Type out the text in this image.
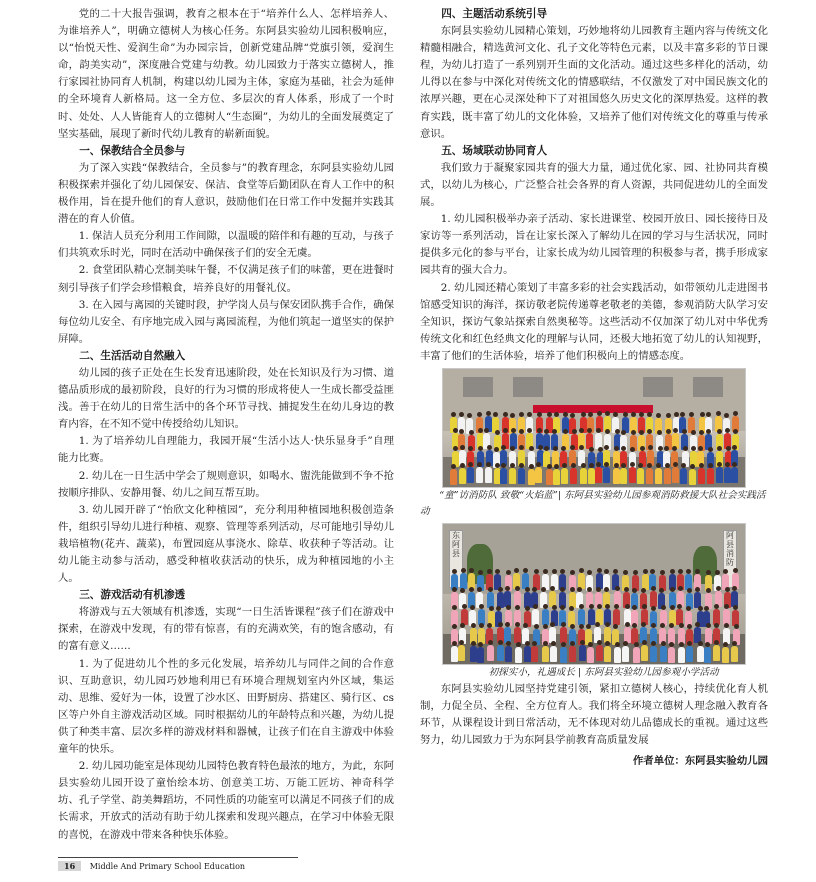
党的二十大报告强调，教育之根本在于“培养什么人、怎样培养人、为谁培养人”，明确立德树人为核心任务。东阿县实验幼儿园积极响应，以“怡悦天性、爱润生命”为办园宗旨，创新党建品牌“党旗引领，爱润生命，韵美实动”，深度融合党建与幼教。幼儿园致力于落实立德树人，推行家园社协同育人机制，构建以幼儿园为主体，家庭为基础，社会为延伸的全环境育人新格局。这一全方位、多层次的育人体系，形成了一个时时、处处、人人皆能育人的立德树人“生态圈”，为幼儿的全面发展奠定了坚实基础，展现了新时代幼儿教育的崭新面貌。

一、保教结合全员参与

为了深入实践“保教结合，全员参与”的教育理念，东阿县实验幼儿园积极探索并强化了幼儿园保安、保洁、食堂等后勤团队在育人工作中的积极作用，旨在提升他们的育人意识，鼓励他们在日常工作中发掘并实践其潜在的育人价值。

1. 保洁人员充分利用工作间隙，以温暖的陪伴和有趣的互动，与孩子们共筑欢乐时光，同时在活动中确保孩子们的安全无虞。

2. 食堂团队精心烹制美味午餐，不仅满足孩子们的味蕾，更在进餐时刻引导孩子们学会珍惜粮食，培养良好的用餐礼仪。

3. 在入园与离园的关键时段，护学岗人员与保安团队携手合作，确保每位幼儿安全、有序地完成入园与离园流程，为他们筑起一道坚实的保护屏障。

二、生活活动自然融入

幼儿园的孩子正处在生长发育迅速阶段，处在长知识及行为习惯、道德品质形成的最初阶段，良好的行为习惯的形成将使人一生成长都受益匪浅。善于在幼儿的日常生活中的各个环节寻找、捕捉发生在幼儿身边的教育内容，在不知不觉中传授给幼儿知识。

1. 为了培养幼儿自理能力，我园开展“生活小达人·快乐显身手”自理能力比赛。

2. 幼儿在一日生活中学会了规则意识，如喝水、盥洗能做到不争不抢按顺序排队、安静用餐、幼儿之间互帮互助。

3. 幼儿园开辟了“怡欣文化种植园”，充分利用种植园地积极创造条件，组织引导幼儿进行种植、观察、管理等系列活动，尽可能地引导幼儿栽培植物(花卉、蔬菜)，布置园庭从事浇水、除草、收获种子等活动。让幼儿能主动参与活动，感受种植收获活动的快乐，成为种植园地的小主人。

三、游戏活动有机渗透

将游戏与五大领域有机渗透，实现“一日生活皆课程”孩子们在游戏中探索，在游戏中发现，有的带有惊喜，有的充满欢笑，有的饱含感动，有的富有意义……

1. 为了促进幼儿个性的多元化发展，培养幼儿与同伴之间的合作意识、互助意识，幼儿园巧妙地利用已有环境合理规划室内外区域，集运动、思维、爱好为一体，设置了沙水区、田野厨房、搭建区、骑行区、cs区等户外自主游戏活动区域。同时根据幼儿的年龄特点和兴趣，为幼儿提供了种类丰富、层次多样的游戏材料和器械，让孩子们在自主游戏中体验童年的快乐。

2. 幼儿园功能室是体现幼儿园特色教育特色最浓的地方，为此，东阿县实验幼儿园开设了童怡绘本坊、创意美工坊、万能工匠坊、神奇科学坊、孔子学堂、韵美舞蹈坊，不同性质的功能室可以满足不同孩子们的成长需求，开放式的活动有助于幼儿探索和发现兴趣点，在学习中体验无限的喜悦，在游戏中带来各种快乐体验。

四、主题活动系统引导

东阿县实验幼儿园精心策划，巧妙地将幼儿园教育主题内容与传统文化精髓相融合，精选黄河文化、孔子文化等特色元素，以及丰富多彩的节日课程，为幼儿打造了一系列别开生面的文化活动。通过这些多样化的活动，幼儿得以在参与中深化对传统文化的情感联结，不仅激发了对中国民族文化的浓厚兴趣，更在心灵深处种下了对祖国悠久历史文化的深厚热爱。这样的教育实践，既丰富了幼儿的文化体验，又培养了他们对传统文化的尊重与传承意识。

五、场域联动协同育人

我们致力于凝聚家园共育的强大力量，通过优化家、园、社协同共育模式，以幼儿为核心，广泛整合社会各界的育人资源，共同促进幼儿的全面发展。

1. 幼儿园积极举办亲子活动、家长进课堂、校园开放日、园长接待日及家访等一系列活动，旨在让家长深入了解幼儿在园的学习与生活状况，同时提供多元化的参与平台，让家长成为幼儿园管理的积极参与者，携手形成家园共育的强大合力。

2. 幼儿园还精心策划了丰富多彩的社会实践活动，如带领幼儿走进图书馆感受知识的海洋，探访敬老院传递尊老敬老的美德，参观消防大队学习安全知识，探访气象站探索自然奥秘等。这些活动不仅加深了幼儿对中华优秀传统文化和红色经典文化的理解与认同，还极大地拓宽了幼儿的认知视野，丰富了他们的生活体验，培养了他们积极向上的情感态度。

“童”访消防队 致敬“火焰蓝”| 东阿县实验幼儿园参观消防救援大队社会实践活动

东阿县
阿县消防

初探实小，礼遇成长 | 东阿县实验幼儿园参观小学活动

东阿县实验幼儿园坚持党建引领，紧扣立德树人核心，持续优化育人机制，力促全员、全程、全方位育人。我们将全环境立德树人理念融入教育各环节，从课程设计到日常活动，无不体现对幼儿品德成长的重视。通过这些努力，幼儿园致力于为东阿县学前教育高质量发展

作者单位：东阿县实验幼儿园
16 Middle And Primary School Education
